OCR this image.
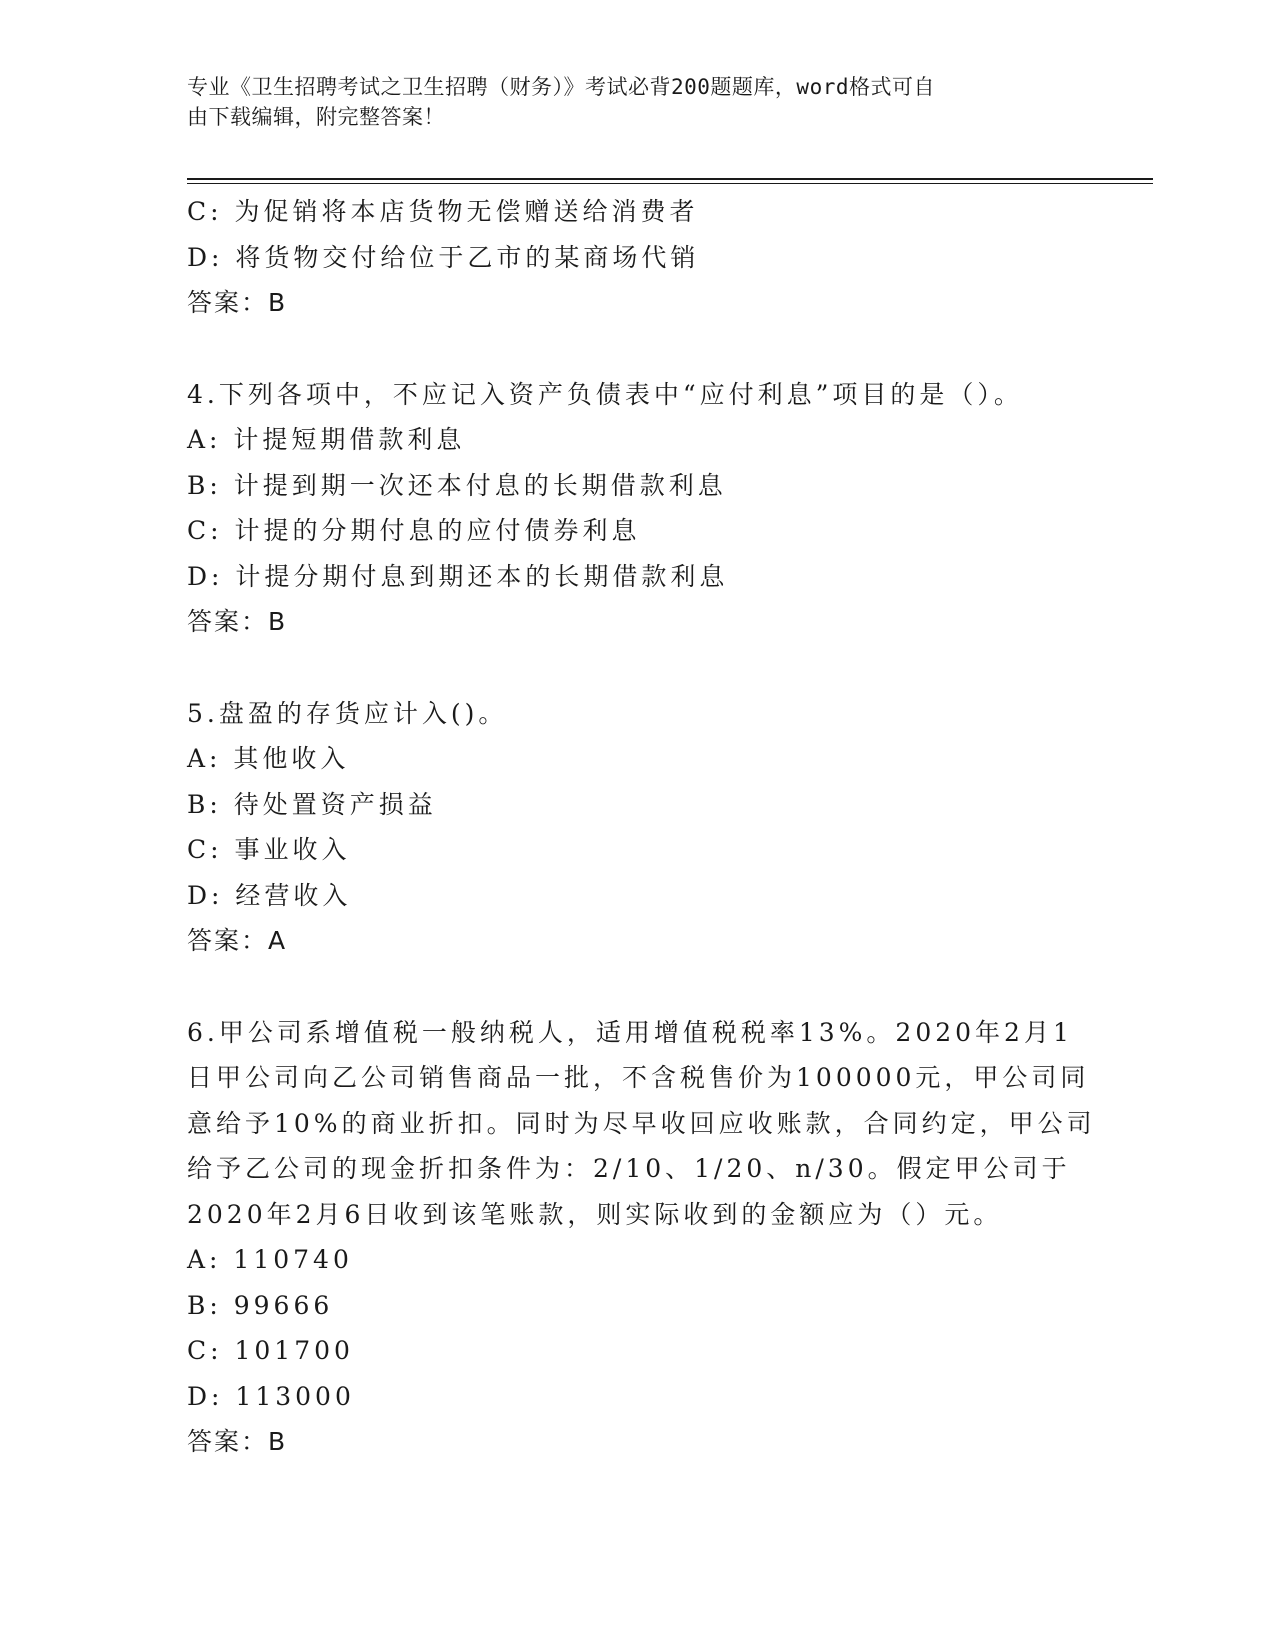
专业《卫生招聘考试之卫生招聘（财务）》考试必背200题题库，word格式可自
由下载编辑，附完整答案！
C: 为促销将本店货物无偿赠送给消费者
D: 将货物交付给位于乙市的某商场代销
答案：B
4.下列各项中，不应记入资产负债表中“应付利息”项目的是（）。
A: 计提短期借款利息
B: 计提到期一次还本付息的长期借款利息
C: 计提的分期付息的应付债券利息
D: 计提分期付息到期还本的长期借款利息
答案：B
5.盘盈的存货应计入()。
A: 其他收入
B: 待处置资产损益
C: 事业收入
D: 经营收入
答案：A
6.甲公司系增值税一般纳税人，适用增值税税率13%。2020年2月1
日甲公司向乙公司销售商品一批，不含税售价为100000元，甲公司同
意给予10%的商业折扣。同时为尽早收回应收账款，合同约定，甲公司
给予乙公司的现金折扣条件为：2/10、1/20、n/30。假定甲公司于
2020年2月6日收到该笔账款，则实际收到的金额应为（）元。
A: 110740
B: 99666
C: 101700
D: 113000
答案：B
